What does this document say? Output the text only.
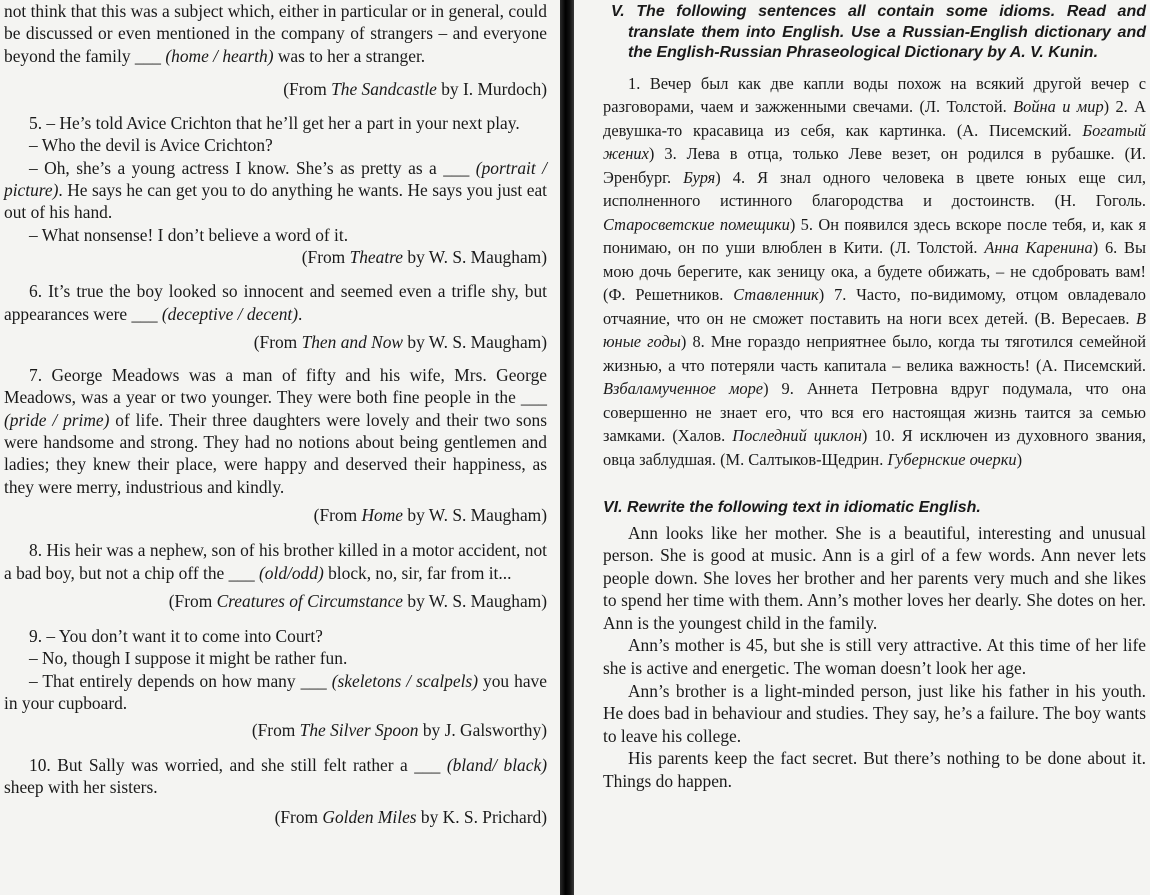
not think that this was a subject which, either in particular or in general, could be discussed or even mentioned in the company of strangers – and everyone beyond the family ___ (home / hearth) was to her a stranger.

(From The Sandcastle by I. Murdoch)

5. – He’s told Avice Crichton that he’ll get her a part in your next play.

– Who the devil is Avice Crichton?

– Oh, she’s a young actress I know. She’s as pretty as a ___ (portrait / picture). He says he can get you to do anything he wants. He says you just eat out of his hand.

– What nonsense! I don’t believe a word of it.

(From Theatre by W. S. Maugham)

6. It’s true the boy looked so innocent and seemed even a trifle shy, but appearances were ___ (deceptive / decent).

(From Then and Now by W. S. Maugham)

7. George Meadows was a man of fifty and his wife, Mrs. George Meadows, was a year or two younger. They were both fine people in the ___ (pride / prime) of life. Their three daughters were lovely and their two sons were handsome and strong. They had no notions about being gentlemen and ladies; they knew their place, were happy and deserved their happiness, as they were merry, industrious and kindly.

(From Home by W. S. Maugham)

8. His heir was a nephew, son of his brother killed in a motor accident, not a bad boy, but not a chip off the ___ (old/odd) block, no, sir, far from it...

(From Creatures of Circumstance by W. S. Maugham)

9. – You don’t want it to come into Court?

– No, though I suppose it might be rather fun.

– That entirely depends on how many ___ (skeletons / scalpels) you have in your cupboard.

(From The Silver Spoon by J. Galsworthy)

10. But Sally was worried, and she still felt rather a ___ (bland/ black) sheep with her sisters.

(From Golden Miles by K. S. Prichard)

V. The following sentences all contain some idioms. Read and translate them into English. Use a Russian-English dictionary and the English-Russian Phraseological Dictionary by A. V. Kunin.

1. Вечер был как две капли воды похож на всякий другой вечер с разговорами, чаем и зажженными свечами. (Л. Толстой. Война и мир) 2. А девушка-то красавица из себя, как картинка. (А. Писемский. Богатый жених) 3. Лева в отца, только Леве везет, он родился в рубашке. (И. Эренбург. Буря) 4. Я знал одного человека в цвете юных еще сил, исполненного истинного благородства и достоинств. (Н. Гоголь. Старосветские помещики) 5. Он появился здесь вскоре после тебя, и, как я понимаю, он по уши влюблен в Кити. (Л. Толстой. Анна Каренина) 6. Вы мою дочь берегите, как зеницу ока, а будете обижать, – не сдобровать вам! (Ф. Решетников. Ставленник) 7. Часто, по-видимому, отцом овладевало отчаяние, что он не сможет поставить на ноги всех детей. (В. Вересаев. В юные годы) 8. Мне гораздо неприятнее было, когда ты тяготился семейной жизнью, а что потеряли часть капитала – велика важность! (А. Писемский. Взбаламученное море) 9. Аннета Петровна вдруг подумала, что она совершенно не знает его, что вся его настоящая жизнь таится за семью замками. (Халов. Последний циклон) 10. Я исключен из духовного звания, овца заблудшая. (М. Салтыков-Щедрин. Губернские очерки)

VI. Rewrite the following text in idiomatic English.

Ann looks like her mother. She is a beautiful, interesting and unusual person. She is good at music. Ann is a girl of a few words. Ann never lets people down. She loves her brother and her parents very much and she likes to spend her time with them. Ann’s mother loves her dearly. She dotes on her. Ann is the youngest child in the family.

Ann’s mother is 45, but she is still very attractive. At this time of her life she is active and energetic. The woman doesn’t look her age.

Ann’s brother is a light-minded person, just like his father in his youth. He does bad in behaviour and studies. They say, he’s a failure. The boy wants to leave his college.

His parents keep the fact secret. But there’s nothing to be done about it. Things do happen.
